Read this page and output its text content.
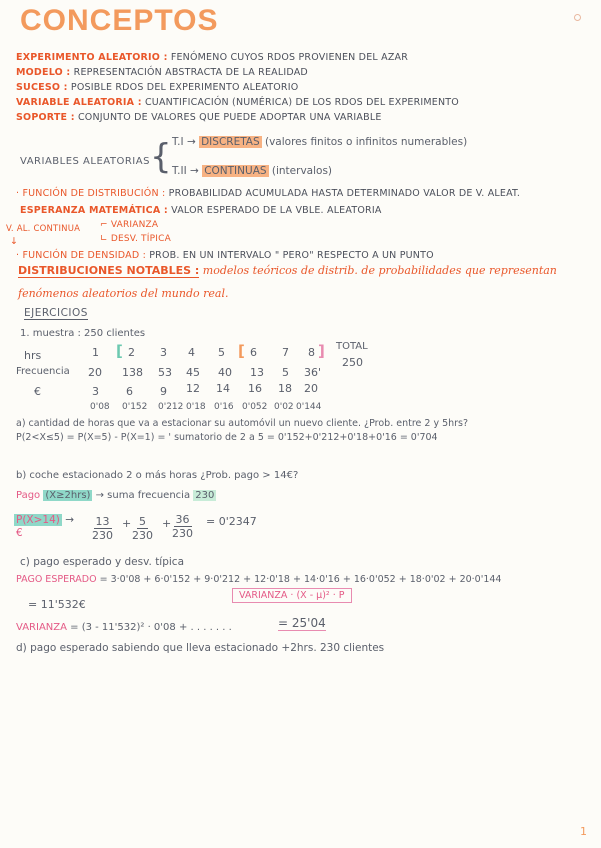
CONCEPTOS
EXPERIMENTO ALEATORIO : FENÓMENO CUYOS RDOS PROVIENEN DEL AZAR
MODELO : REPRESENTACIÓN ABSTRACTA DE LA REALIDAD
SUCESO : POSIBLE RDOS DEL EXPERIMENTO ALEATORIO
VARIABLE ALEATORIA : CUANTIFICACIÓN (NUMÉRICA) DE LOS RDOS DEL EXPERIMENTO
SOPORTE : CONJUNTO DE VALORES QUE PUEDE ADOPTAR UNA VARIABLE
VARIABLES ALEATORIAS { T.I → DISCRETAS (valores finitos o infinitos numerables)
T.II → CONTINUAS (intervalos)
· FUNCIÓN DE DISTRIBUCIÓN : PROBABILIDAD ACUMULADA HASTA DETERMINADO VALOR DE V. ALEAT.
ESPERANZA MATEMÁTICA : VALOR ESPERADO DE LA VBLE. ALEATORIA
V. AL. CONTINUA
↓
⌐ VARIANZA
∟ DESV. TÍPICA
· FUNCIÓN DE DENSIDAD : PROB. EN UN INTERVALO " PERO" RESPECTO A UN PUNTO
DISTRIBUCIONES NOTABLES : modelos teóricos de distrib. de probabilidades que representan
fenómenos aleatorios del mundo real.
EJERCICIOS
1. muestra : 250 clientes
hrs	1 [ 2 3 4 5 [ 6 7 8 ] TOTAL
Frecuencia 20 138 53 45 40 13 5 36'
250
€	3 6 9 12 14 16 18 20
0'08 0'152 0'212 0'18 0'16 0'052 0'02 0'144
a) cantidad de horas que va a estacionar su automóvil un nuevo cliente. ¿Prob. entre 2 y 5hrs?
P(2<X≤5) = P(X=5) - P(X=1) = ' sumatorio de 2 a 5 = 0'152+0'212+0'18+0'16 = 0'704
b) coche estacionado 2 o más horas ¿Prob. pago > 14€?
Pago (X≥2hrs) → suma frecuencia 230
P(X>14) →
€	$\frac{13}{230} + \frac{5}{230} + \frac{36}{230} = 0'2347$
c) pago esperado y desv. típica
PAGO ESPERADO = 3·0'08 + 6·0'152 + 9·0'212 + 12·0'18 + 14·0'16 + 16·0'052 + 18·0'02 + 20·0'144
= 11'532€
VARIANZA · (X - μ)² · P
VARIANZA = (3 - 11'532)² · 0'08 + . . . . . . .	= 25'04
d) pago esperado sabiendo que lleva estacionado +2hrs. 230 clientes
1
